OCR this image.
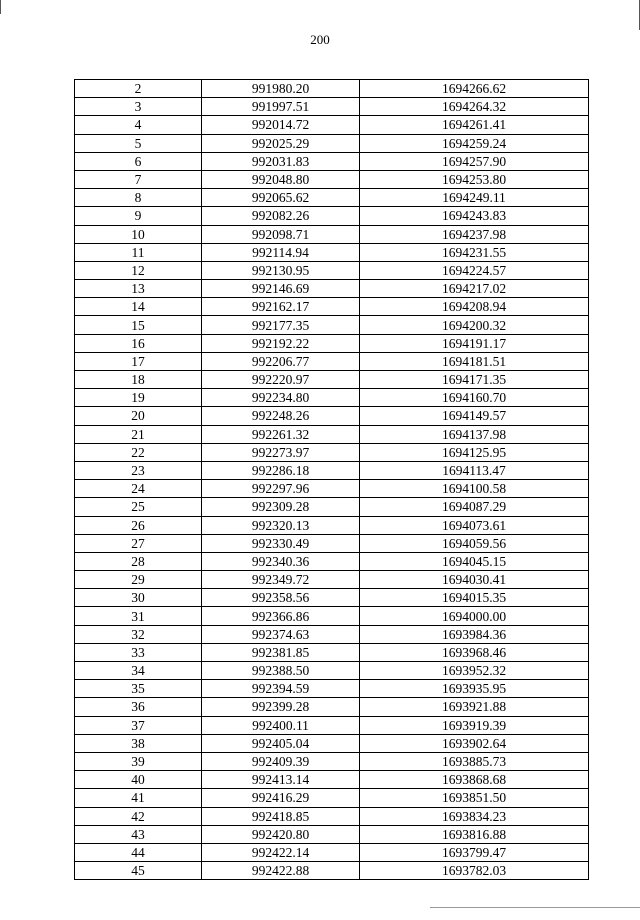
200
2	991980.20	1694266.62
3	991997.51	1694264.32
4	992014.72	1694261.41
5	992025.29	1694259.24
6	992031.83	1694257.90
7	992048.80	1694253.80
8	992065.62	1694249.11
9	992082.26	1694243.83
10	992098.71	1694237.98
11	992114.94	1694231.55
12	992130.95	1694224.57
13	992146.69	1694217.02
14	992162.17	1694208.94
15	992177.35	1694200.32
16	992192.22	1694191.17
17	992206.77	1694181.51
18	992220.97	1694171.35
19	992234.80	1694160.70
20	992248.26	1694149.57
21	992261.32	1694137.98
22	992273.97	1694125.95
23	992286.18	1694113.47
24	992297.96	1694100.58
25	992309.28	1694087.29
26	992320.13	1694073.61
27	992330.49	1694059.56
28	992340.36	1694045.15
29	992349.72	1694030.41
30	992358.56	1694015.35
31	992366.86	1694000.00
32	992374.63	1693984.36
33	992381.85	1693968.46
34	992388.50	1693952.32
35	992394.59	1693935.95
36	992399.28	1693921.88
37	992400.11	1693919.39
38	992405.04	1693902.64
39	992409.39	1693885.73
40	992413.14	1693868.68
41	992416.29	1693851.50
42	992418.85	1693834.23
43	992420.80	1693816.88
44	992422.14	1693799.47
45	992422.88	1693782.03
